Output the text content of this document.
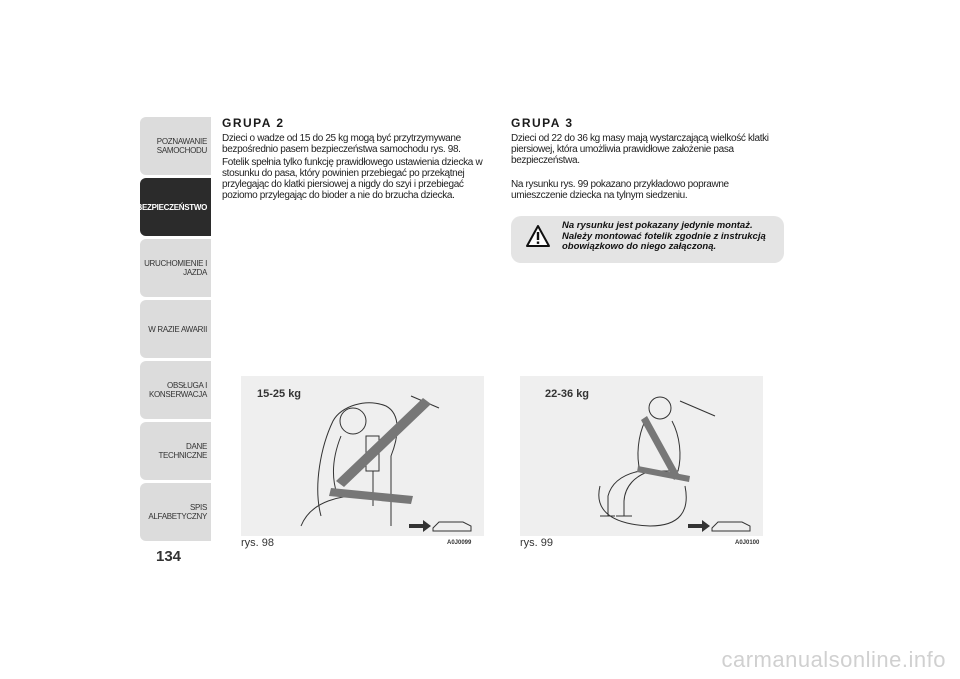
POZNAWANIE
SAMOCHODU
BEZPIECZEŃSTWO
URUCHOMIENIE I
JAZDA
W RAZIE AWARII
OBSŁUGA I
KONSERWACJA
DANE TECHNICZNE
SPIS ALFABETYCZNY
134
GRUPA 2

Dzieci o wadze od 15 do 25 kg mogą być przytrzymywane bezpośrednio pasem bezpieczeństwa samochodu rys. 98.

Fotelik spełnia tylko funkcję prawidłowego ustawienia dziecka w stosunku do pasa, który powinien przebiegać po przekątnej przylegając do klatki piersiowej a nigdy do szyi i przebiegać poziomo przylegając do bioder a nie do brzucha dziecka.

GRUPA 3

Dzieci od 22 do 36 kg masy mają wystarczającą wielkość klatki piersiowej, która umożliwia prawidłowe założenie pasa bezpieczeństwa.

Na rysunku rys. 99 pokazano przykładowo poprawne umieszczenie dziecka na tylnym siedzeniu.

Na rysunku jest pokazany jedynie montaż. Należy montować fotelik zgodnie z instrukcją obowiązkowo do niego załączoną.
15-25 kg
rys. 98	A0J0099
22-36 kg
rys. 99	A0J0100
carmanualsonline.info
